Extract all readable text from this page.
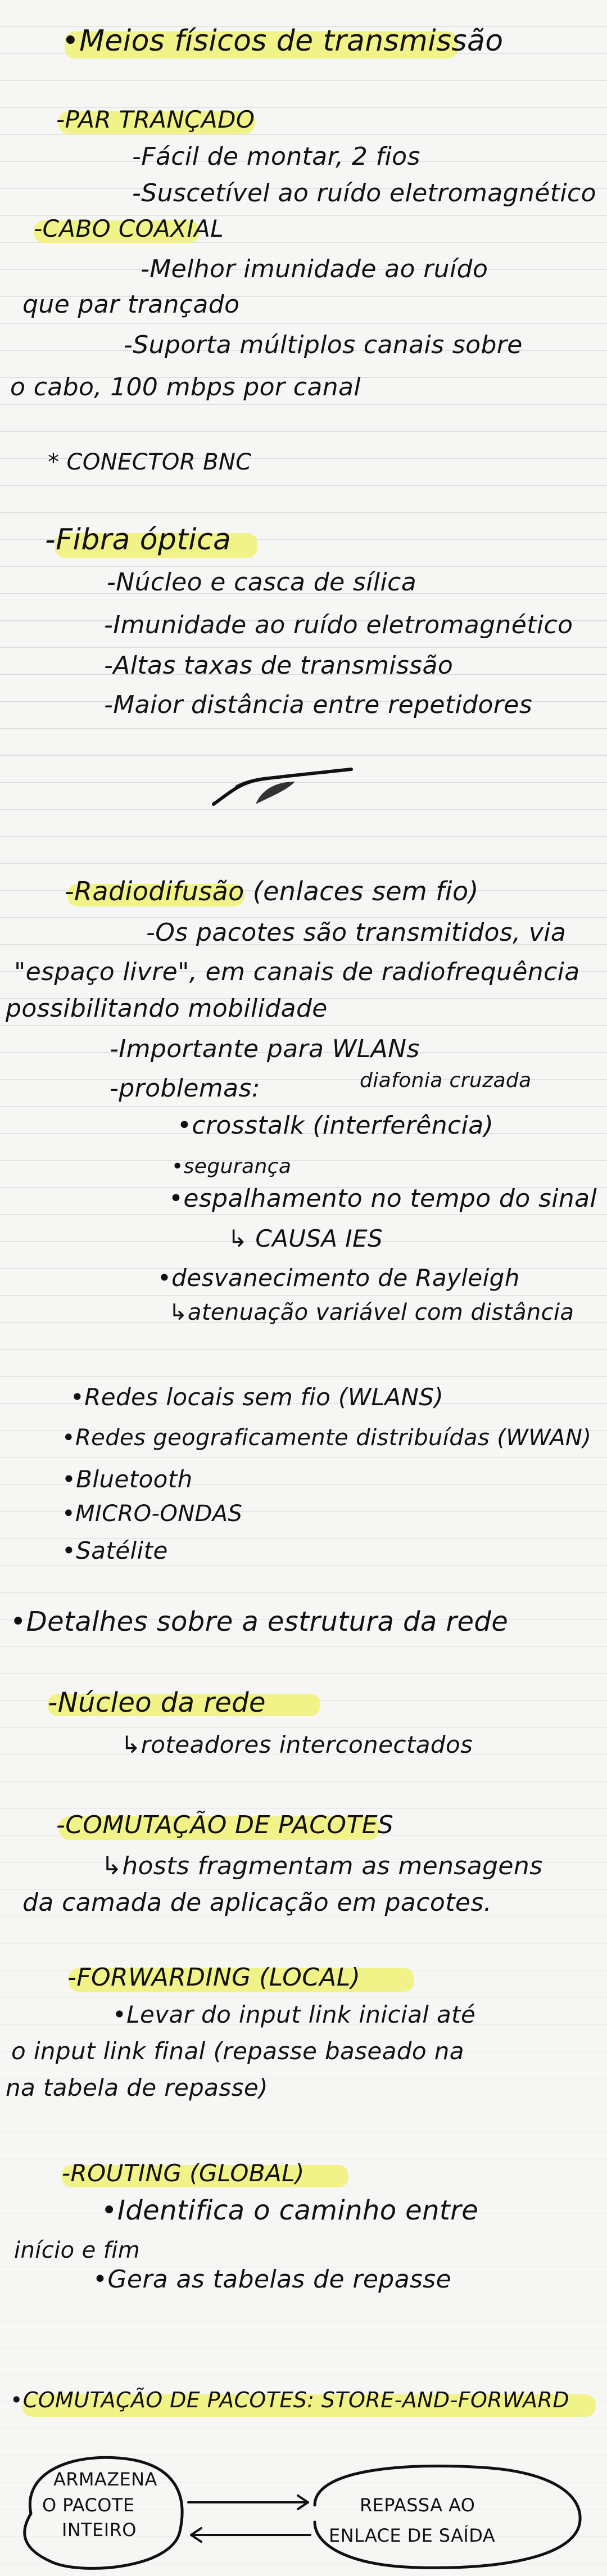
•Meios físicos de transmissão
-PAR TRANÇADO
-Fácil de montar, 2 fios
-Suscetível ao ruído eletromagnético
-CABO COAXIAL
-Melhor imunidade ao ruído
que par trançado
-Suporta múltiplos canais sobre
o cabo, 100 mbps por canal
* CONECTOR BNC
-Fibra óptica
-Núcleo e casca de sílica
-Imunidade ao ruído eletromagnético
-Altas taxas de transmissão
-Maior distância entre repetidores
-Radiodifusão (enlaces sem fio)
-Os pacotes são transmitidos, via
"espaço livre", em canais de radiofrequência
possibilitando mobilidade
-Importante para WLANs
-problemas:	diafonia cruzada
•crosstalk (interferência)
•segurança
•espalhamento no tempo do sinal
↳ CAUSA IES
•desvanecimento de Rayleigh
↳atenuação variável com distância
•Redes locais sem fio (WLANS)
•Redes geograficamente distribuídas (WWAN)
•Bluetooth
•MICRO-ONDAS
•Satélite
•Detalhes sobre a estrutura da rede
-Núcleo da rede
↳roteadores interconectados
-COMUTAÇÃO DE PACOTES
↳hosts fragmentam as mensagens
da camada de aplicação em pacotes.
-FORWARDING (LOCAL)
•Levar do input link inicial até
o input link final (repasse baseado na
na tabela de repasse)
-ROUTING (GLOBAL)
•Identifica o caminho entre
início e fim
•Gera as tabelas de repasse
•COMUTAÇÃO DE PACOTES: STORE-AND-FORWARD
ARMAZENA
O PACOTE
INTEIRO
REPASSA AO
ENLACE DE SAÍDA
